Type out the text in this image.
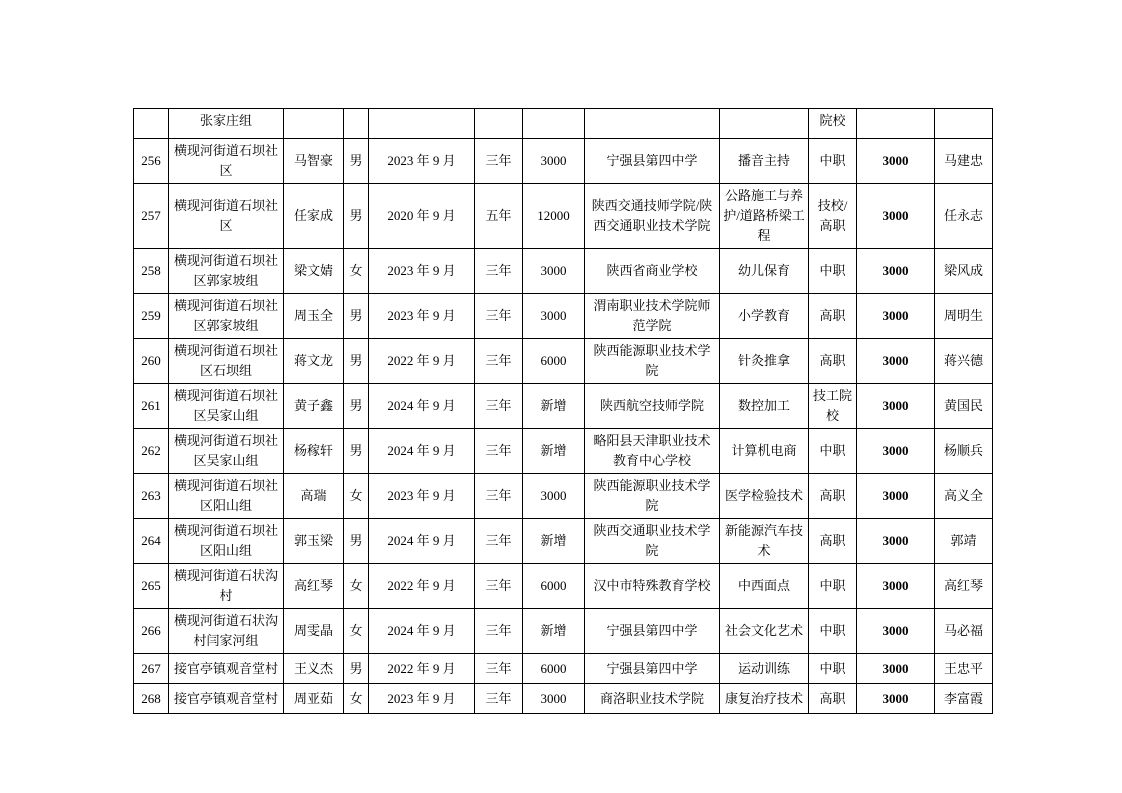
	张家庄组								院校		
256	横现河街道石坝社区	马智豪	男	2023 年 9 月	三年	3000	宁强县第四中学	播音主持	中职	3000	马建忠
257	横现河街道石坝社区	任家成	男	2020 年 9 月	五年	12000	陕西交通技师学院/陕西交通职业技术学院	公路施工与养护/道路桥梁工程	技校/高职	3000	任永志
258	横现河街道石坝社区郭家坡组	梁文婧	女	2023 年 9 月	三年	3000	陕西省商业学校	幼儿保育	中职	3000	梁风成
259	横现河街道石坝社区郭家坡组	周玉全	男	2023 年 9 月	三年	3000	渭南职业技术学院师范学院	小学教育	高职	3000	周明生
260	横现河街道石坝社区石坝组	蒋文龙	男	2022 年 9 月	三年	6000	陕西能源职业技术学院	针灸推拿	高职	3000	蒋兴德
261	横现河街道石坝社区吴家山组	黄子鑫	男	2024 年 9 月	三年	新增	陕西航空技师学院	数控加工	技工院校	3000	黄国民
262	横现河街道石坝社区吴家山组	杨稼轩	男	2024 年 9 月	三年	新增	略阳县天津职业技术教育中心学校	计算机电商	中职	3000	杨顺兵
263	横现河街道石坝社区阳山组	高瑞	女	2023 年 9 月	三年	3000	陕西能源职业技术学院	医学检验技术	高职	3000	高义全
264	横现河街道石坝社区阳山组	郭玉梁	男	2024 年 9 月	三年	新增	陕西交通职业技术学院	新能源汽车技术	高职	3000	郭靖
265	横现河街道石状沟村	高红琴	女	2022 年 9 月	三年	6000	汉中市特殊教育学校	中西面点	中职	3000	高红琴
266	横现河街道石状沟村闫家河组	周雯晶	女	2024 年 9 月	三年	新增	宁强县第四中学	社会文化艺术	中职	3000	马必福
267	接官亭镇观音堂村	王义杰	男	2022 年 9 月	三年	6000	宁强县第四中学	运动训练	中职	3000	王忠平
268	接官亭镇观音堂村	周亚茹	女	2023 年 9 月	三年	3000	商洛职业技术学院	康复治疗技术	高职	3000	李富霞
